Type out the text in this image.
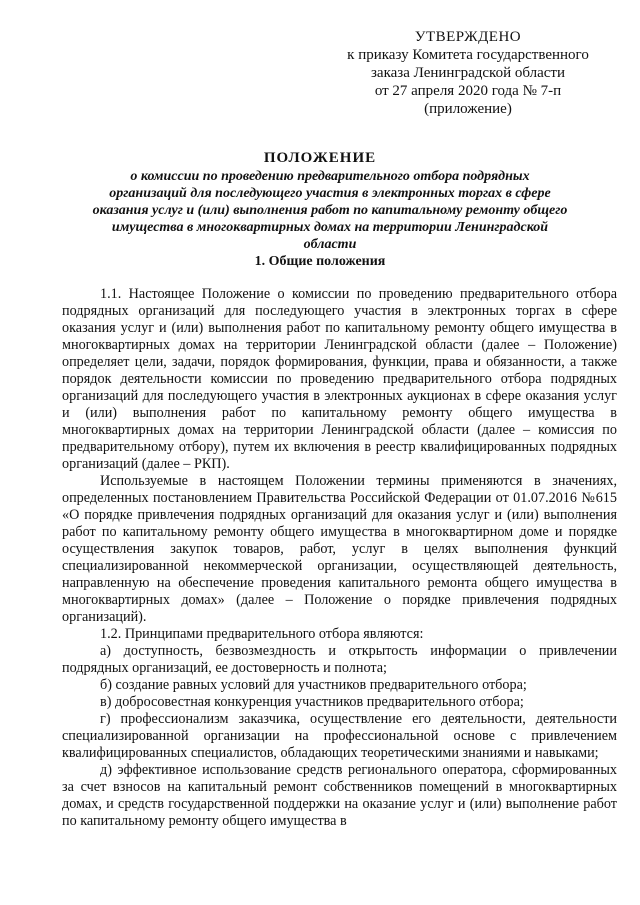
УТВЕРЖДЕНО
к приказу Комитета государственного
заказа Ленинградской области
от 27 апреля 2020 года № 7-п
(приложение)
ПОЛОЖЕНИЕ
о комиссии по проведению предварительного отбора подрядных организаций для последующего участия в электронных торгах в сфере оказания услуг и (или) выполнения работ по капитальному ремонту общего имущества в многоквартирных домах на территории Ленинградской области
1. Общие положения

1.1. Настоящее Положение о комиссии по проведению предварительного отбора подрядных организаций для последующего участия в электронных торгах в сфере оказания услуг и (или) выполнения работ по капитальному ремонту общего имущества в многоквартирных домах на территории Ленинградской области (далее – Положение) определяет цели, задачи, порядок формирования, функции, права и обязанности, а также порядок деятельности комиссии по проведению предварительного отбора подрядных организаций для последующего участия в электронных аукционах в сфере оказания услуг и (или) выполнения работ по капитальному ремонту общего имущества в многоквартирных домах на территории Ленинградской области (далее – комиссия по предварительному отбору), путем их включения в реестр квалифицированных подрядных организаций (далее – РКП).

Используемые в настоящем Положении термины применяются в значениях, определенных постановлением Правительства Российской Федерации от 01.07.2016 №615 «О порядке привлечения подрядных организаций для оказания услуг и (или) выполнения работ по капитальному ремонту общего имущества в многоквартирном доме и порядке осуществления закупок товаров, работ, услуг в целях выполнения функций специализированной некоммерческой организации, осуществляющей деятельность, направленную на обеспечение проведения капитального ремонта общего имущества в многоквартирных домах» (далее – Положение о порядке привлечения подрядных организаций).

1.2. Принципами предварительного отбора являются:

а) доступность, безвозмездность и открытость информации о привлечении подрядных организаций, ее достоверность и полнота;

б) создание равных условий для участников предварительного отбора;

в) добросовестная конкуренция участников предварительного отбора;

г) профессионализм заказчика, осуществление его деятельности, деятельности специализированной организации на профессиональной основе с привлечением квалифицированных специалистов, обладающих теоретическими знаниями и навыками;

д) эффективное использование средств регионального оператора, сформированных за счет взносов на капитальный ремонт собственников помещений в многоквартирных домах, и средств государственной поддержки на оказание услуг и (или) выполнение работ по капитальному ремонту общего имущества в
